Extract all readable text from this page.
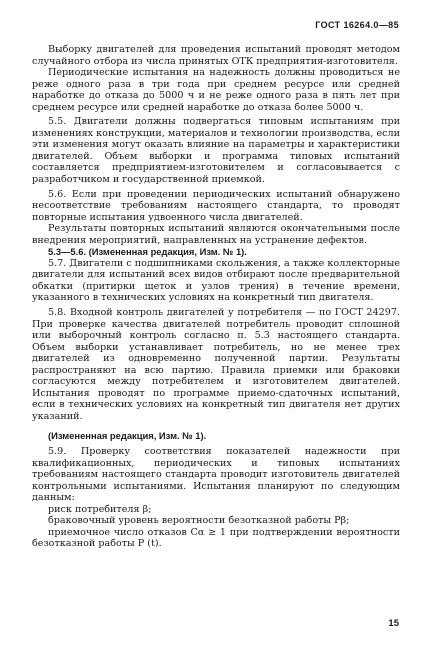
ГОСТ 16264.0—85

Выборку двигателей для проведения испытаний проводят методом случайного отбора из числа принятых ОТК предприятия-изготовителя.

Периодические испытания на надежность должны проводиться не реже одного раза в три года при среднем ресурсе или средней наработке до отказа до 5000 ч и не реже одного раза в пять лет при среднем ресурсе или средней наработке до отказа более 5000 ч.

5.5. Двигатели должны подвергаться типовым испытаниям при изменениях конструкции, материалов и технологии производства, если эти изменения могут оказать влияние на параметры и характеристики двигателей. Объем выборки и программа типовых испытаний составляется предприятием-изготовителем и согласовывается с разработчиком и государственной приемкой.

5.6. Если при проведении периодических испытаний обнаружено несоответствие требованиям настоящего стандарта, то проводят повторные испытания удвоенного числа двигателей.

Результаты повторных испытаний являются окончательными после внедрения мероприятий, направленных на устранение дефектов.

5.3—5.6. (Измененная редакция, Изм. № 1).

5.7. Двигатели с подшипниками скольжения, а также коллекторные двигатели для испытаний всех видов отбирают после предварительной обкатки (притирки щеток и узлов трения) в течение времени, указанного в технических условиях на конкретный тип двигателя.

5.8. Входной контроль двигателей у потребителя — по ГОСТ 24297. При проверке качества двигателей потребитель проводит сплошной или выборочный контроль согласно п. 5.3 настоящего стандарта. Объем выборки устанавливает потребитель, но не менее трех двигателей из одновременно полученной партии. Результаты распространяют на всю партию. Правила приемки или браковки согласуются между потребителем и изготовителем двигателей. Испытания проводят по программе приемо-сдаточных испытаний, если в технических условиях на конкретный тип двигателя нет других указаний.

(Измененная редакция, Изм. № 1).

5.9. Проверку соответствия показателей надежности при квалификационных, периодических и типовых испытаниях требованиям настоящего стандарта проводит изготовитель двигателей контрольными испытаниями. Испытания планируют по следующим данным:

риск потребителя β;

браковочный уровень вероятности безотказной работы Pβ;

приемочное число отказов Cα ≥ 1 при подтверждении вероятности безотказной работы P (t).

15
